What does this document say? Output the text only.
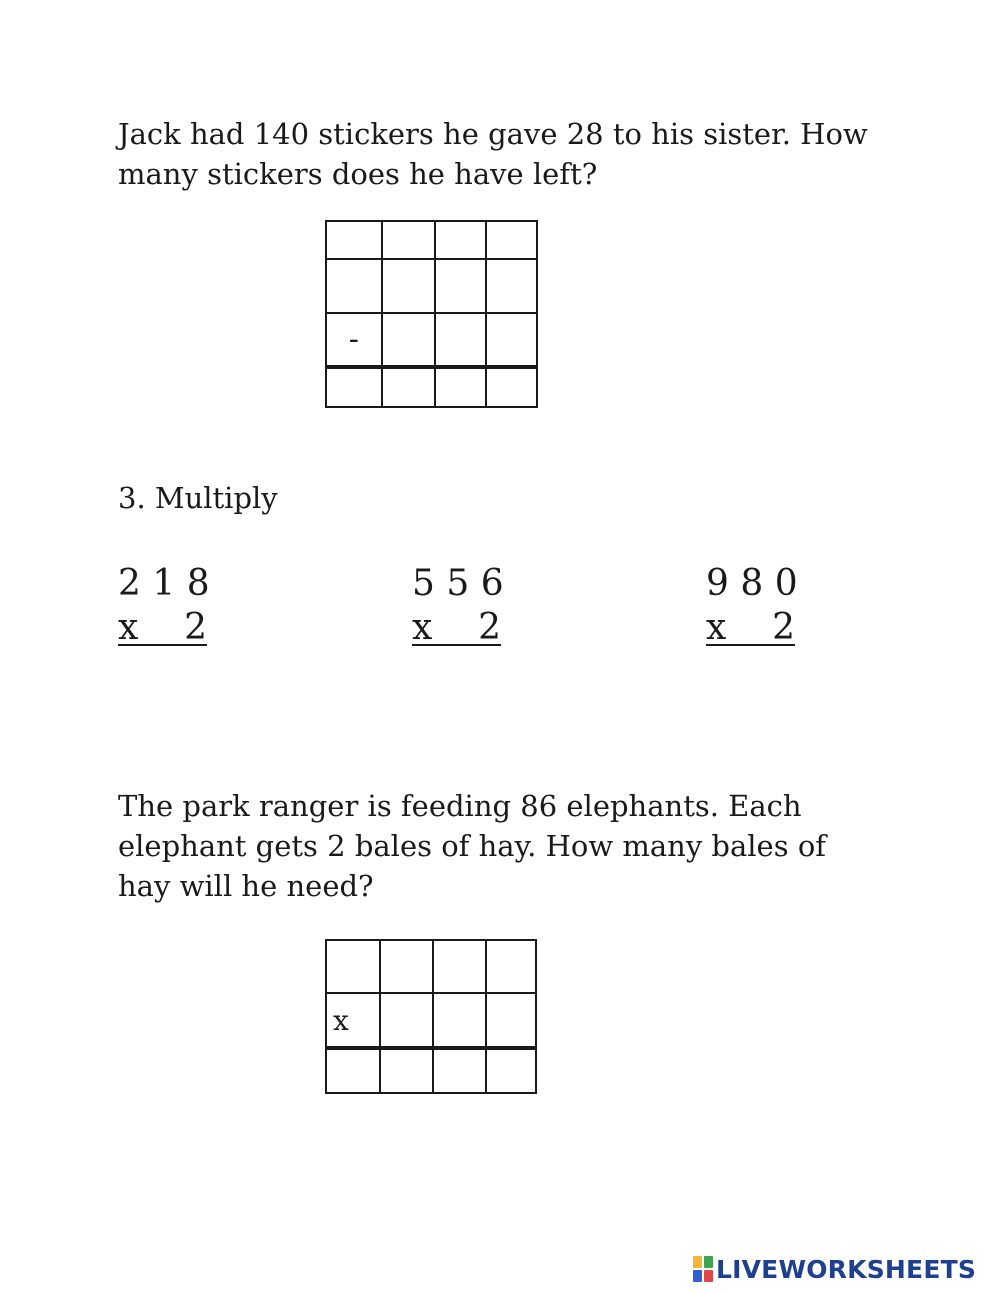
Jack had 140 stickers he gave 28 to his sister. How many stickers does he have left?

-			

3. Multiply
2 1 8
x    2
5 5 6
x    2
9 8 0
x    2

The park ranger is feeding 86 elephants. Each elephant gets 2 bales of hay. How many bales of hay will he need?

x			

LIVEWORKSHEETS
